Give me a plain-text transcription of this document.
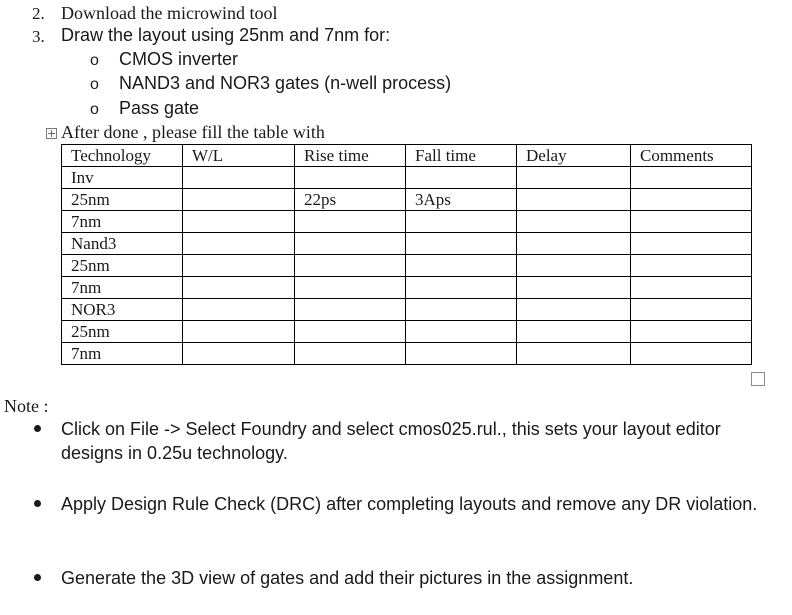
2. Download the microwind tool
3. Draw the layout using 25nm and 7nm for:
o CMOS inverter
o NAND3 and NOR3 gates (n-well process)
o Pass gate
+ After done , please fill the table with
Technology	W/L	Rise time	Fall time	Delay	Comments
Inv					
25nm		22ps	3Aps		
7nm					
Nand3					
25nm					
7nm					
NOR3					
25nm					
7nm					
Note :
Click on File -> Select Foundry and select cmos025.rul., this sets your layout editor designs in 0.25u technology.
Apply Design Rule Check (DRC) after completing layouts and remove any DR violation.
Generate the 3D view of gates and add their pictures in the assignment.
